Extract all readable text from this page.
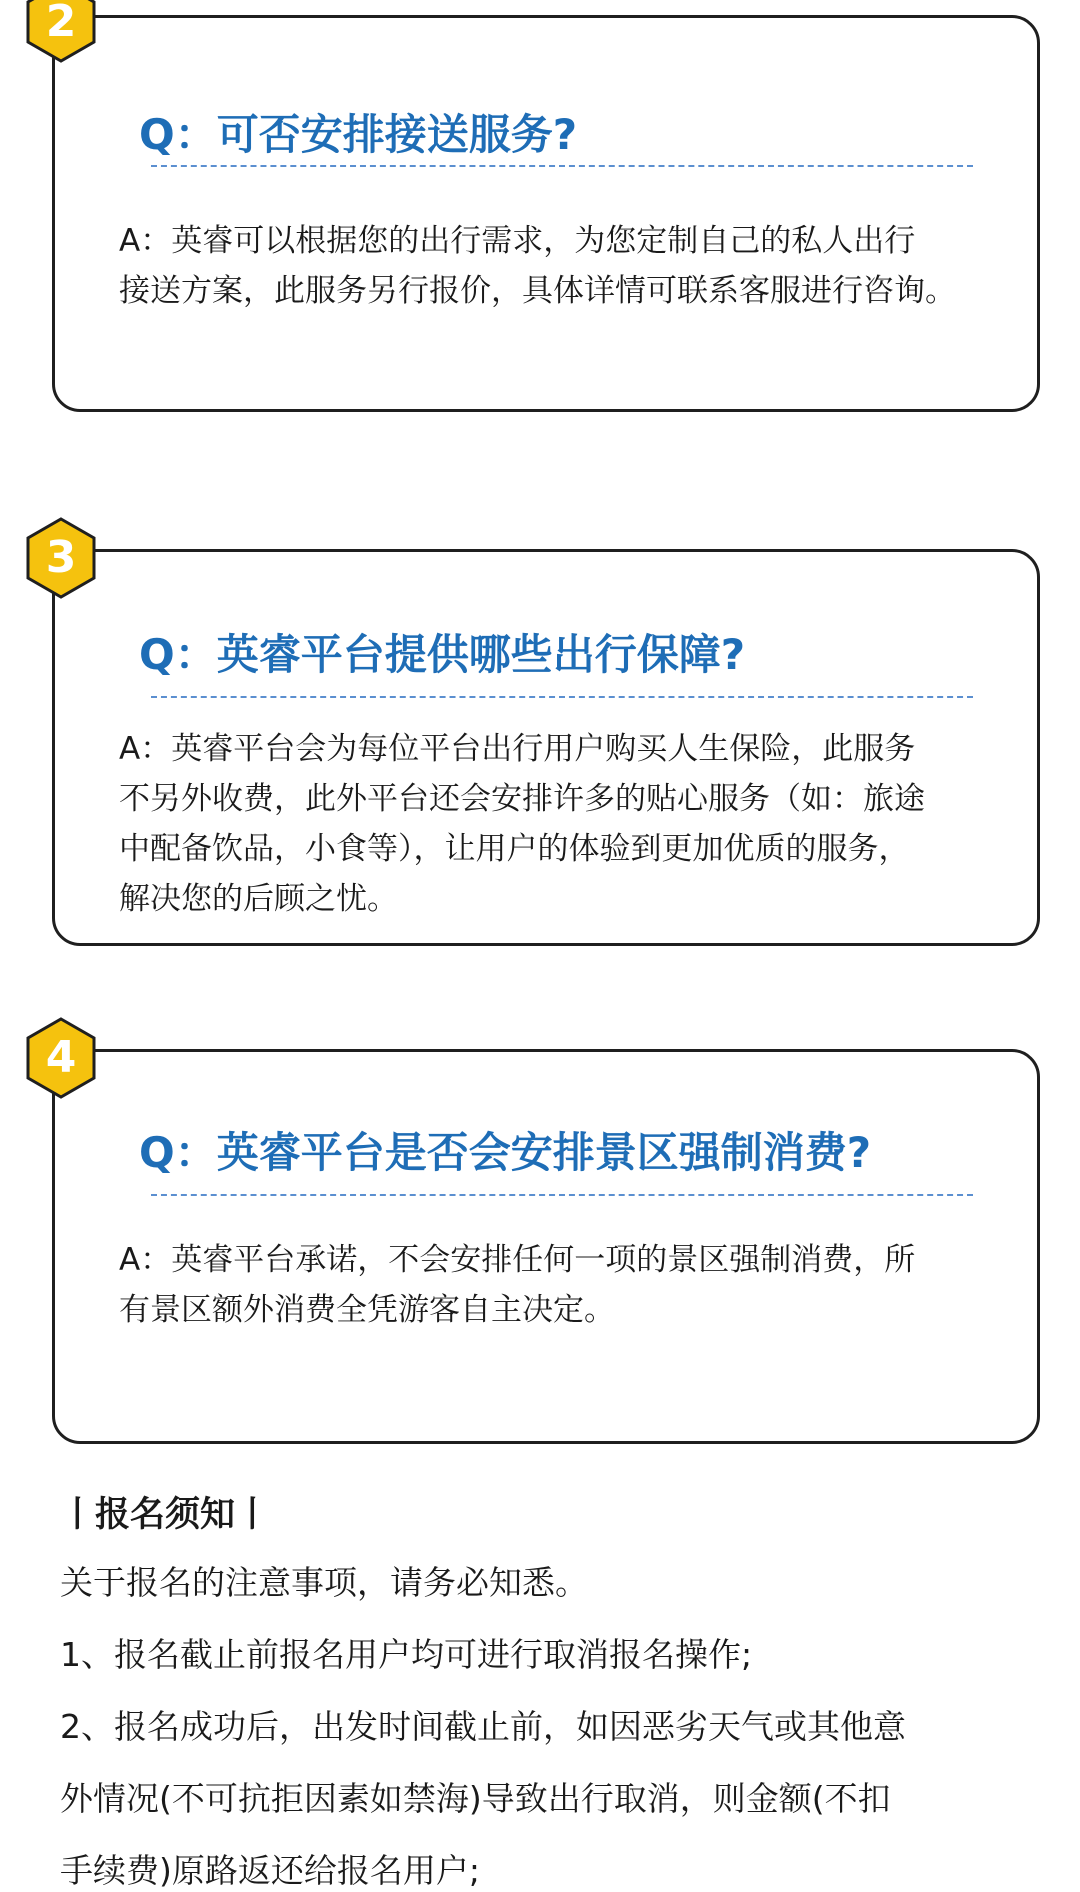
Q：可否安排接送服务?
A：英睿可以根据您的出行需求，为您定制自己的私人出行
接送方案，此服务另行报价，具体详情可联系客服进行咨询。
2
Q：英睿平台提供哪些出行保障?
A：英睿平台会为每位平台出行用户购买人生保险，此服务
不另外收费，此外平台还会安排许多的贴心服务（如：旅途
中配备饮品，小食等），让用户的体验到更加优质的服务，
解决您的后顾之忧。
3
Q：英睿平台是否会安排景区强制消费?
A：英睿平台承诺，不会安排任何一项的景区强制消费，所
有景区额外消费全凭游客自主决定。
4
丨报名须知丨
关于报名的注意事项，请务必知悉。
1、报名截止前报名用户均可进行取消报名操作;
2、报名成功后，出发时间截止前，如因恶劣天气或其他意
外情况(不可抗拒因素如禁海)导致出行取消，则金额(不扣
手续费)原路返还给报名用户;
